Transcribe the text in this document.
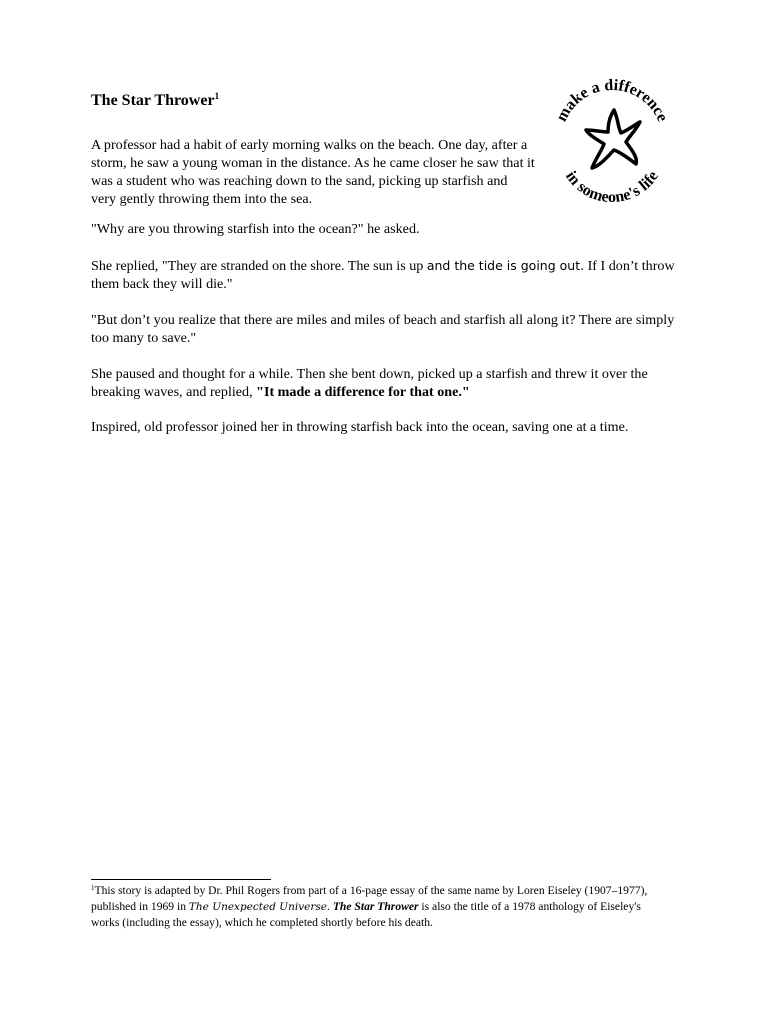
The Star Thrower$^1$
make a difference
in someone's life

A professor had a habit of early morning walks on the beach. One day, after a storm, he saw a young woman in the distance. As he came closer he saw that it was a student who was reaching down to the sand, picking up starfish and very gently throwing them into the sea.

"Why are you throwing starfish into the ocean?" he asked.

She replied, "They are stranded on the shore. The sun is up and the tide is going out. If I don’t throw them back they will die."

"But don’t you realize that there are miles and miles of beach and starfish all along it? There are simply too many to save."

She paused and thought for a while. Then she bent down, picked up a starfish and threw it over the breaking waves, and replied, "It made a difference for that one."

Inspired, old professor joined her in throwing starfish back into the ocean, saving one at a time.

$^1$This story is adapted by Dr. Phil Rogers from part of a 16-page essay of the same name by Loren Eiseley (1907–1977), published in 1969 in The Unexpected Universe. The Star Thrower is also the title of a 1978 anthology of Eiseley's works (including the essay), which he completed shortly before his death.
